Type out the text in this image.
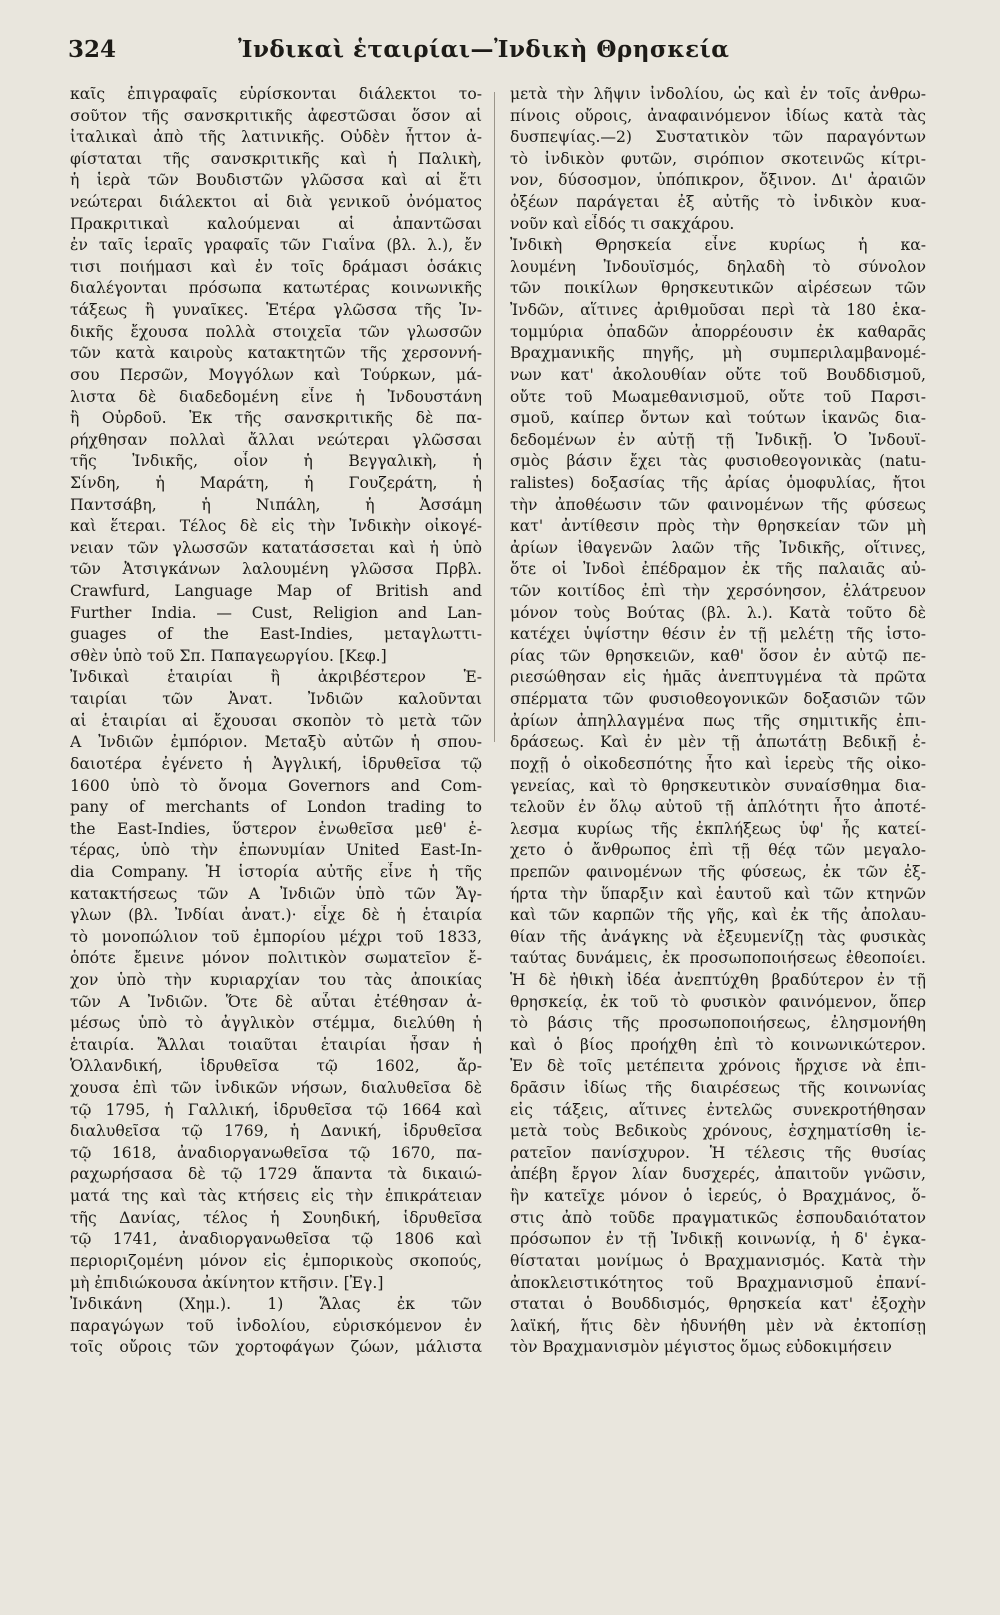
324	Ἰνδικαὶ ἑταιρίαι—Ἰνδικὴ Θρησκεία
καῖς ἐπιγραφαῖς εὑρίσκονται διάλεκτοι το-
σοῦτον τῆς σανσκριτικῆς ἀφεστῶσαι ὅσον αἱ
ἰταλικαὶ ἀπὸ τῆς λατινικῆς. Οὐδὲν ἧττον ἀ-
φίσταται τῆς σανσκριτικῆς καὶ ἡ Παλικὴ,
ἡ ἱερὰ τῶν Βουδιστῶν γλῶσσα καὶ αἱ ἔτι
νεώτεραι διάλεκτοι αἱ διὰ γενικοῦ ὀνόματος
Πρακριτικαὶ καλούμεναι αἱ ἀπαντῶσαι
ἐν ταῖς ἱεραῖς γραφαῖς τῶν Γιαΐνα (βλ. λ.), ἔν
τισι ποιήμασι καὶ ἐν τοῖς δράμασι ὁσάκις
διαλέγονται πρόσωπα κατωτέρας κοινωνικῆς
τάξεως ἢ γυναῖκες. Ἑτέρα γλῶσσα τῆς Ἰν-
δικῆς ἔχουσα πολλὰ στοιχεῖα τῶν γλωσσῶν
τῶν κατὰ καιροὺς κατακτητῶν τῆς χερσοννή-
σου Περσῶν, Μογγόλων καὶ Τούρκων, μά-
λιστα δὲ διαδεδομένη εἶνε ἡ Ἰνδουστάνη
ἢ Οὐρδοῦ. Ἐκ τῆς σανσκριτικῆς δὲ πα-
ρήχθησαν πολλαὶ ἄλλαι νεώτεραι γλῶσσαι
τῆς Ἰνδικῆς, οἷον ἡ Βεγγαλικὴ, ἡ
Σίνδη, ἡ Μαράτη, ἡ Γουζεράτη, ἡ
Παντσάβη, ἡ Νιπάλη, ἡ Ἀσσάμη
καὶ ἕτεραι. Τέλος δὲ εἰς τὴν Ἰνδικὴν οἰκογέ-
νειαν τῶν γλωσσῶν κατατάσσεται καὶ ἡ ὑπὸ
τῶν Ἀτσιγκάνων λαλουμένη γλῶσσα Πρβλ.
Crawfurd, Language Map of British and
Further India. — Cust, Religion and Lan-
guages of the East-Indies, μεταγλωττι-
σθὲν ὑπὸ τοῦ Σπ. Παπαγεωργίου. [Κεφ.]
Ἰνδικαὶ ἑταιρίαι ἢ ἀκριβέστερον Ἑ-
ταιρίαι τῶν Ἀνατ. Ἰνδιῶν καλοῦνται
αἱ ἑταιρίαι αἱ ἔχουσαι σκοπὸν τὸ μετὰ τῶν
Α Ἰνδιῶν ἐμπόριον. Μεταξὺ αὐτῶν ἡ σπου-
δαιοτέρα ἐγένετο ἡ Ἀγγλική, ἱδρυθεῖσα τῷ
1600 ὑπὸ τὸ ὄνομα Governors and Com-
pany of merchants of London trading to
the East-Indies, ὕστερον ἑνωθεῖσα μεθ' ἑ-
τέρας, ὑπὸ τὴν ἐπωνυμίαν United East-In-
dia Company. Ἡ ἱστορία αὐτῆς εἶνε ἡ τῆς
κατακτήσεως τῶν Α Ἰνδιῶν ὑπὸ τῶν Ἄγ-
γλων (βλ. Ἰνδίαι ἀνατ.)· εἶχε δὲ ἡ ἑταιρία
τὸ μονοπώλιον τοῦ ἐμπορίου μέχρι τοῦ 1833,
ὁπότε ἔμεινε μόνον πολιτικὸν σωματεῖον ἔ-
χον ὑπὸ τὴν κυριαρχίαν του τὰς ἀποικίας
τῶν Α Ἰνδιῶν. Ὅτε δὲ αὗται ἐτέθησαν ἀ-
μέσως ὑπὸ τὸ ἀγγλικὸν στέμμα, διελύθη ἡ
ἑταιρία. Ἄλλαι τοιαῦται ἑταιρίαι ἦσαν ἡ
Ὁλλανδική, ἱδρυθεῖσα τῷ 1602, ἄρ-
χουσα ἐπὶ τῶν ἰνδικῶν νήσων, διαλυθεῖσα δὲ
τῷ 1795, ἡ Γαλλική, ἱδρυθεῖσα τῷ 1664 καὶ
διαλυθεῖσα τῷ 1769, ἡ Δανική, ἱδρυθεῖσα
τῷ 1618, ἀναδιοργανωθεῖσα τῷ 1670, πα-
ραχωρήσασα δὲ τῷ 1729 ἅπαντα τὰ δικαιώ-
ματά της καὶ τὰς κτήσεις εἰς τὴν ἐπικράτειαν
τῆς Δανίας, τέλος ἡ Σουηδική, ἱδρυθεῖσα
τῷ 1741, ἀναδιοργανωθεῖσα τῷ 1806 καὶ
περιοριζομένη μόνον εἰς ἐμπορικοὺς σκοπούς,
μὴ ἐπιδιώκουσα ἀκίνητον κτῆσιν. [Ἐγ.]
Ἰνδικάνη (Χημ.). 1) Ἅλας ἐκ τῶν
παραγώγων τοῦ ἰνδολίου, εὑρισκόμενον ἐν
τοῖς οὔροις τῶν χορτοφάγων ζώων, μάλιστα
μετὰ τὴν λῆψιν ἰνδολίου, ὡς καὶ ἐν τοῖς ἀνθρω-
πίνοις οὔροις, ἀναφαινόμενον ἰδίως κατὰ τὰς
δυσπεψίας.—2) Συστατικὸν τῶν παραγόντων
τὸ ἰνδικὸν φυτῶν, σιρόπιον σκοτεινῶς κίτρι-
νον, δύσοσμον, ὑπόπικρον, ὄξινον. Δι' ἀραιῶν
ὀξέων παράγεται ἐξ αὐτῆς τὸ ἰνδικὸν κυα-
νοῦν καὶ εἶδός τι σακχάρου.
Ἰνδικὴ Θρησκεία εἶνε κυρίως ἡ κα-
λουμένη Ἰνδουϊσμός, δηλαδὴ τὸ σύνολον
τῶν ποικίλων θρησκευτικῶν αἱρέσεων τῶν
Ἰνδῶν, αἵτινες ἀριθμοῦσαι περὶ τὰ 180 ἑκα-
τομμύρια ὀπαδῶν ἀπορρέουσιν ἐκ καθαρᾶς
Βραχμανικῆς πηγῆς, μὴ συμπεριλαμβανομέ-
νων κατ' ἀκολουθίαν οὔτε τοῦ Βουδδισμοῦ,
οὔτε τοῦ Μωαμεθανισμοῦ, οὔτε τοῦ Παρσι-
σμοῦ, καίπερ ὄντων καὶ τούτων ἱκανῶς δια-
δεδομένων ἐν αὐτῇ τῇ Ἰνδικῇ. Ὁ Ἰνδουϊ-
σμὸς βάσιν ἔχει τὰς φυσιοθεογονικὰς (natu-
ralistes) δοξασίας τῆς ἀρίας ὁμοφυλίας, ἤτοι
τὴν ἀποθέωσιν τῶν φαινομένων τῆς φύσεως
κατ' ἀντίθεσιν πρὸς τὴν θρησκείαν τῶν μὴ
ἀρίων ἰθαγενῶν λαῶν τῆς Ἰνδικῆς, οἵτινες,
ὅτε οἱ Ἰνδοὶ ἐπέδραμον ἐκ τῆς παλαιᾶς αὐ-
τῶν κοιτίδος ἐπὶ τὴν χερσόνησον, ἐλάτρευον
μόνον τοὺς Βούτας (βλ. λ.). Κατὰ τοῦτο δὲ
κατέχει ὑψίστην θέσιν ἐν τῇ μελέτῃ τῆς ἱστο-
ρίας τῶν θρησκειῶν, καθ' ὅσον ἐν αὐτῷ πε-
ριεσώθησαν εἰς ἡμᾶς ἀνεπτυγμένα τὰ πρῶτα
σπέρματα τῶν φυσιοθεογονικῶν δοξασιῶν τῶν
ἀρίων ἀπηλλαγμένα πως τῆς σημιτικῆς ἐπι-
δράσεως. Καὶ ἐν μὲν τῇ ἀπωτάτῃ Βεδικῇ ἐ-
ποχῇ ὁ οἰκοδεσπότης ἦτο καὶ ἱερεὺς τῆς οἰκο-
γενείας, καὶ τὸ θρησκευτικὸν συναίσθημα δια-
τελοῦν ἐν ὅλῳ αὐτοῦ τῇ ἁπλότητι ἦτο ἀποτέ-
λεσμα κυρίως τῆς ἐκπλήξεως ὑφ' ἧς κατεί-
χετο ὁ ἄνθρωπος ἐπὶ τῇ θέᾳ τῶν μεγαλο-
πρεπῶν φαινομένων τῆς φύσεως, ἐκ τῶν ἐξ-
ήρτα τὴν ὕπαρξιν καὶ ἑαυτοῦ καὶ τῶν κτηνῶν
καὶ τῶν καρπῶν τῆς γῆς, καὶ ἐκ τῆς ἀπολαυ-
θίαν τῆς ἀνάγκης νὰ ἐξευμενίζῃ τὰς φυσικὰς
ταύτας δυνάμεις, ἐκ προσωποποιήσεως ἐθεοποίει.
Ἡ δὲ ἠθικὴ ἰδέα ἀνεπτύχθη βραδύτερον ἐν τῇ
θρησκείᾳ, ἐκ τοῦ τὸ φυσικὸν φαινόμενον, ὅπερ
τὸ βάσις τῆς προσωποποιήσεως, ἐλησμονήθη
καὶ ὁ βίος προήχθη ἐπὶ τὸ κοινωνικώτερον.
Ἐν δὲ τοῖς μετέπειτα χρόνοις ἤρχισε νὰ ἐπι-
δρᾶσιν ἰδίως τῆς διαιρέσεως τῆς κοινωνίας
εἰς τάξεις, αἵτινες ἐντελῶς συνεκροτήθησαν
μετὰ τοὺς Βεδικοὺς χρόνους, ἐσχηματίσθη ἱε-
ρατεῖον πανίσχυρον. Ἡ τέλεσις τῆς θυσίας
ἀπέβη ἔργον λίαν δυσχερές, ἀπαιτοῦν γνῶσιν,
ἣν κατεῖχε μόνον ὁ ἱερεύς, ὁ Βραχμάνος, ὅ-
στις ἀπὸ τοῦδε πραγματικῶς ἐσπουδαιότατον
πρόσωπον ἐν τῇ Ἰνδικῇ κοινωνίᾳ, ἡ δ' ἐγκα-
θίσταται μονίμως ὁ Βραχμανισμός. Κατὰ τὴν
ἀποκλειστικότητος τοῦ Βραχμανισμοῦ ἐπανί-
σταται ὁ Βουδδισμός, θρησκεία κατ' ἐξοχὴν
λαϊκή, ἥτις δὲν ἠδυνήθη μὲν νὰ ἐκτοπίσῃ
τὸν Βραχμανισμὸν μέγιστος ὅμως εὐδοκιμήσειν
